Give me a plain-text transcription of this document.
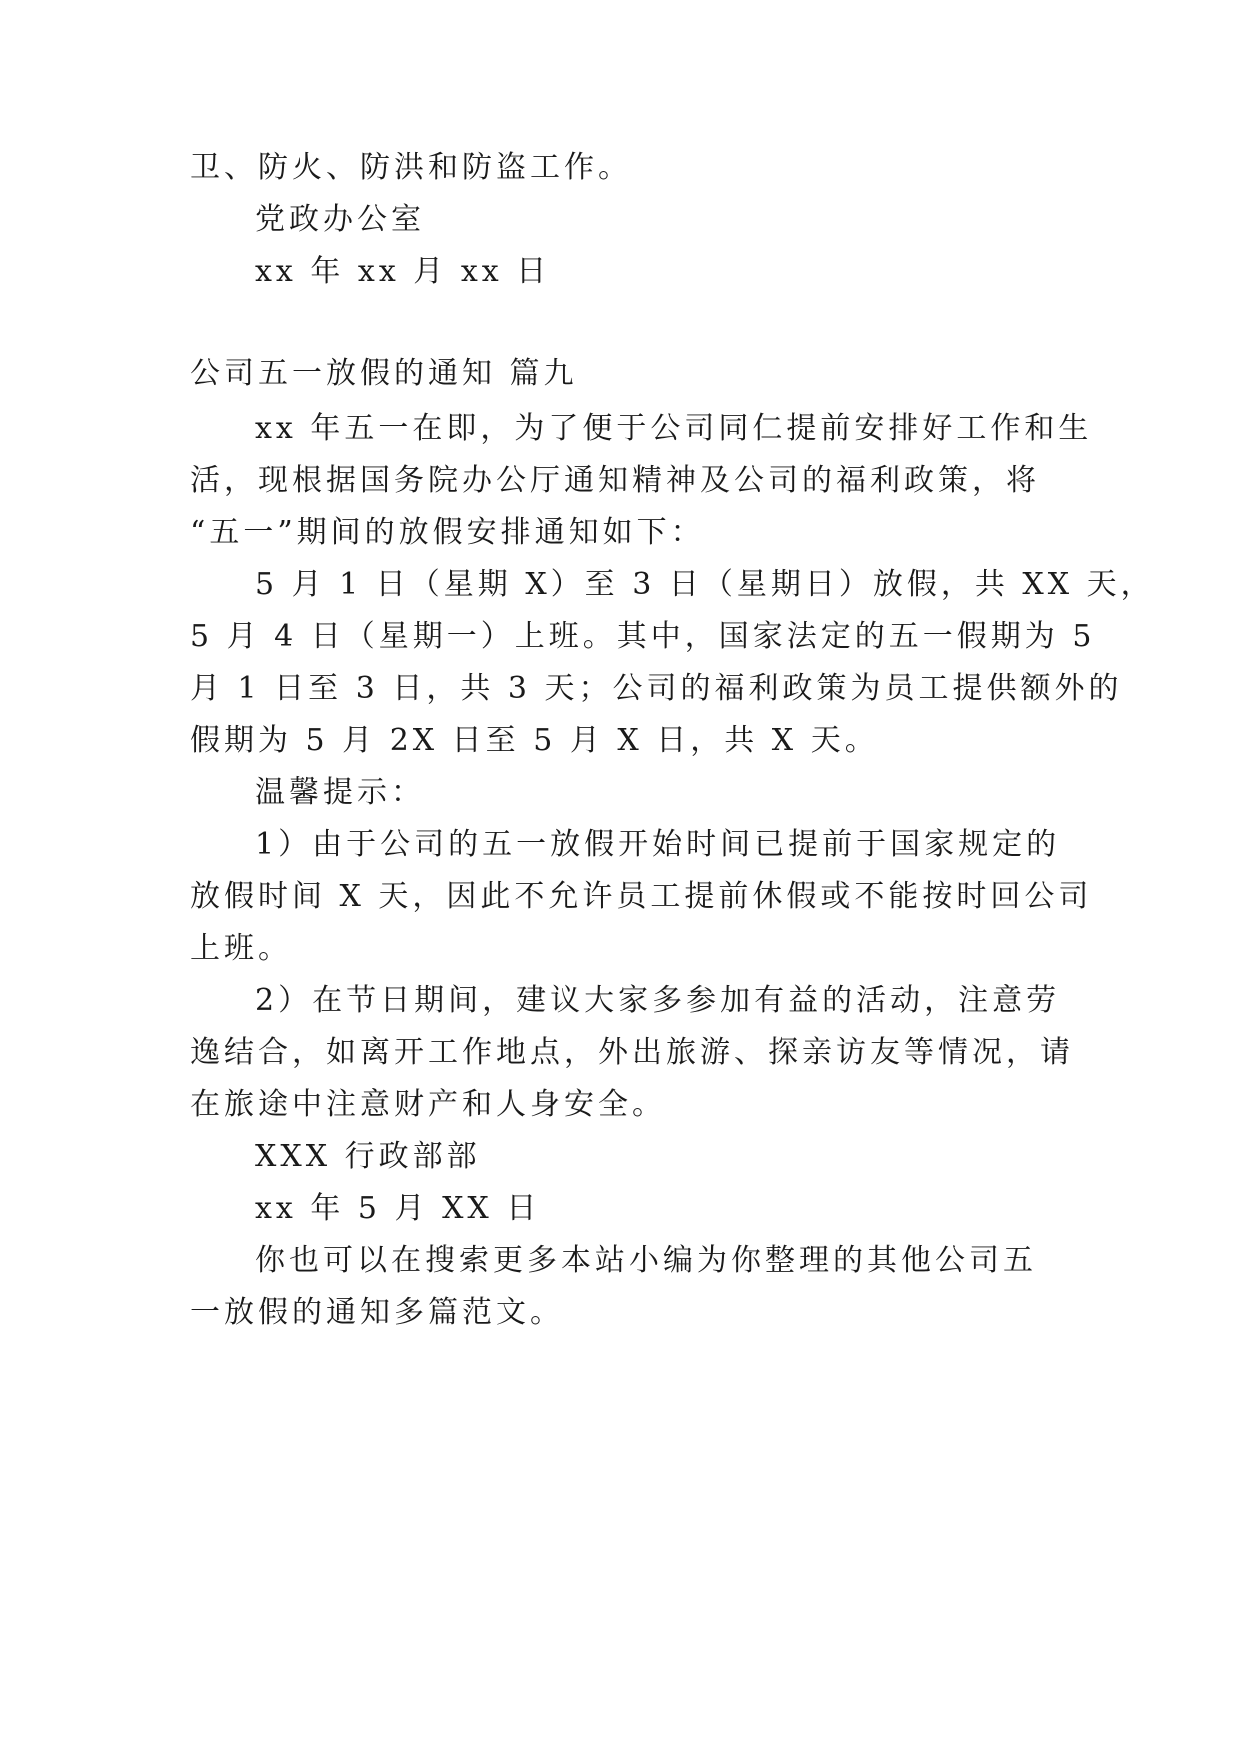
卫、防火、防洪和防盗工作。
党政办公室
xx 年 xx 月 xx 日
公司五一放假的通知 篇九
xx 年五一在即，为了便于公司同仁提前安排好工作和生
活，现根据国务院办公厅通知精神及公司的福利政策，将
“五一”期间的放假安排通知如下：
5 月 1 日（星期 X）至 3 日（星期日）放假，共 XX 天，
5 月 4 日（星期一）上班。其中，国家法定的五一假期为 5
月 1 日至 3 日，共 3 天；公司的福利政策为员工提供额外的
假期为 5 月 2X 日至 5 月 X 日，共 X 天。
温馨提示：
1）由于公司的五一放假开始时间已提前于国家规定的
放假时间 X 天，因此不允许员工提前休假或不能按时回公司
上班。
2）在节日期间，建议大家多参加有益的活动，注意劳
逸结合，如离开工作地点，外出旅游、探亲访友等情况，请
在旅途中注意财产和人身安全。
XXX 行政部部
xx 年 5 月 XX 日
你也可以在搜索更多本站小编为你整理的其他公司五
一放假的通知多篇范文。
